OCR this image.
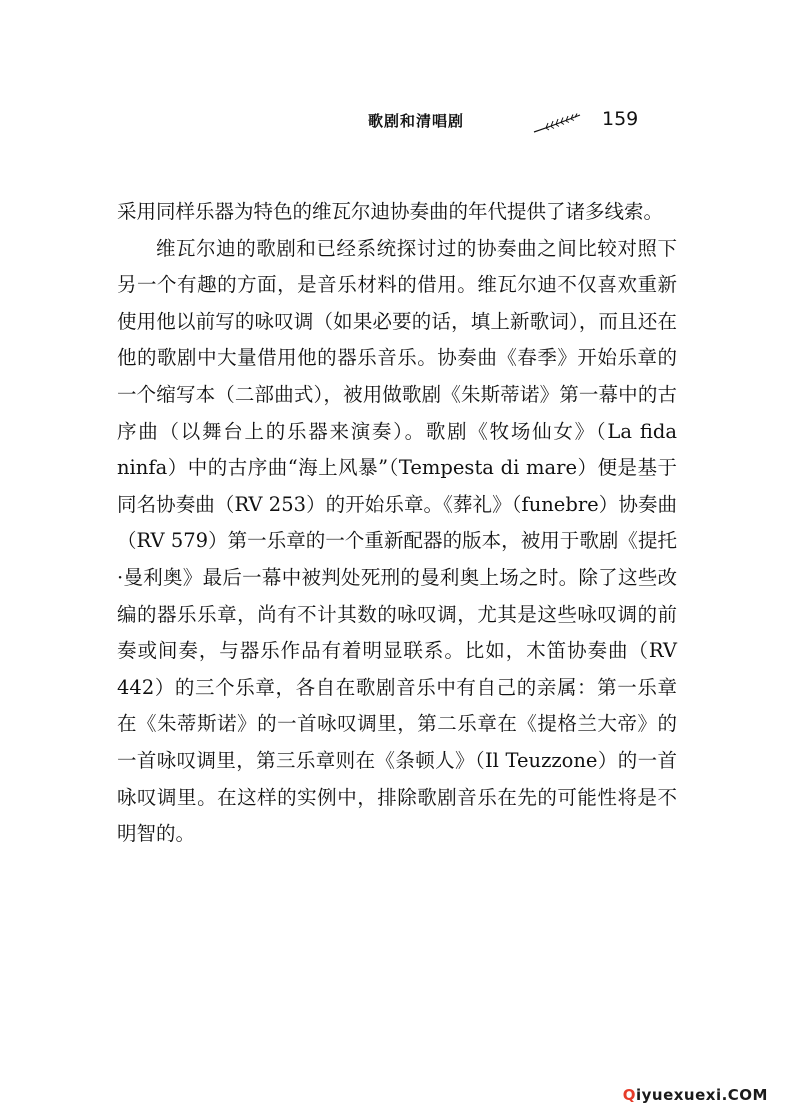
歌剧和清唱剧	159

采用同样乐器为特色的维瓦尔迪协奏曲的年代提供了诸多线索。

维瓦尔迪的歌剧和已经系统探讨过的协奏曲之间比较对照下另一个有趣的方面，是音乐材料的借用。维瓦尔迪不仅喜欢重新使用他以前写的咏叹调（如果必要的话，填上新歌词），而且还在他的歌剧中大量借用他的器乐音乐。协奏曲《春季》开始乐章的一个缩写本（二部曲式），被用做歌剧《朱斯蒂诺》第一幕中的古序曲（以舞台上的乐器来演奏）。歌剧《牧场仙女》（La fida ninfa）中的古序曲“海上风暴”（Tempesta di mare）便是基于同名协奏曲（RV 253）的开始乐章。《葬礼》（funebre）协奏曲（RV 579）第一乐章的一个重新配器的版本，被用于歌剧《提托·曼利奥》最后一幕中被判处死刑的曼利奥上场之时。除了这些改编的器乐乐章，尚有不计其数的咏叹调，尤其是这些咏叹调的前奏或间奏，与器乐作品有着明显联系。比如，木笛协奏曲（RV 442）的三个乐章，各自在歌剧音乐中有自己的亲属：第一乐章在《朱蒂斯诺》的一首咏叹调里，第二乐章在《提格兰大帝》的一首咏叹调里，第三乐章则在《条顿人》（Il Teuzzone）的一首咏叹调里。在这样的实例中，排除歌剧音乐在先的可能性将是不明智的。

Qiyuexuexi.COM
